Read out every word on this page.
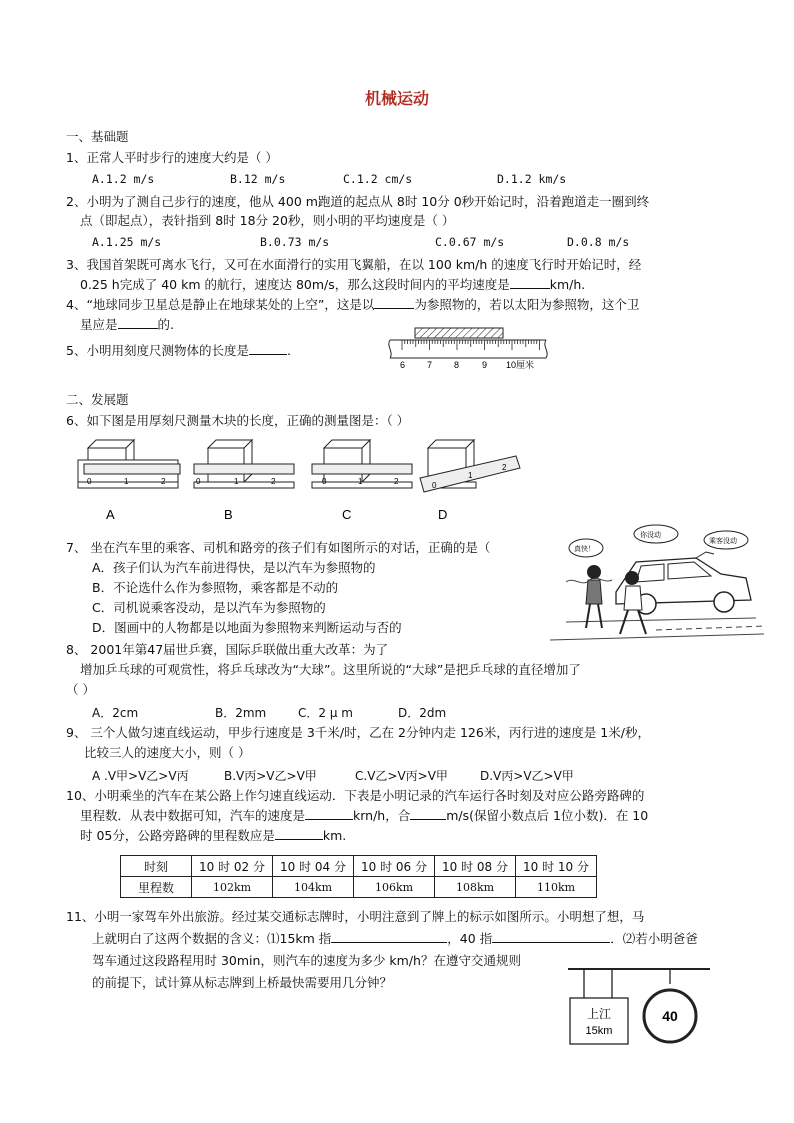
机械运动
一、基础题
1、正常人平时步行的速度大约是（ ）
A.1.2 m/s	B.12 m/s	C.1.2 cm/s	D.1.2 km/s
2、小明为了测自己步行的速度，他从 400 m跑道的起点从 8时 10分 0秒开始记时，沿着跑道走一圈到终
点（即起点），表针指到 8时 18分 20秒，则小明的平均速度是（ ）
A.1.25 m/s	B.0.73 m/s	C.0.67 m/s	D.0.8 m/s
3、我国首架既可离水飞行，又可在水面滑行的实用飞翼船，在以 100 km/h 的速度飞行时开始记时，经
0.25 h完成了 40 km 的航行，速度达 80m/s，那么这段时间内的平均速度是	km/h.
4、“地球同步卫星总是静止在地球某处的上空”，这是以	为参照物的，若以太阳为参照物，这个卫
星应是	的.
5、小明用刻度尺测物体的长度是	.
6 7 8	9 10厘米
二、发展题
6、如下图是用厚刻尺测量木块的长度，正确的测量图是：（ ）
0	1	2
A
0	1	2
B
0	1	2
C
0
1
2
D
7、 坐在汽车里的乘客、司机和路旁的孩子们有如图所示的对话，正确的是（
A．孩子们认为汽车前进得快，是以汽车为参照物的
B．不论选什么作为参照物，乘客都是不动的
C．司机说乘客没动，是以汽车为参照物的
D．图画中的人物都是以地面为参照物来判断运动与否的
真快！
你没动
乘客没动
8、 2001年第47届世乒赛，国际乒联做出重大改革：为了
增加乒乓球的可观赏性，将乒乓球改为“大球”。这里所说的“大球”是把乒乓球的直径增加了
（ ）
A．2cm	B．2mm	C．2 μ m	D．2dm
9、 三个人做匀速直线运动，甲步行速度是 3千米/时，乙在 2分钟内走 126米，丙行进的速度是 1米/秒，
比较三人的速度大小，则（ ）
A .V甲>V乙>V丙	B.V丙>V乙>V甲	C.V乙>V丙>V甲	D.V丙>V乙>V甲
10、小明乘坐的汽车在某公路上作匀速直线运动．下表是小明记录的汽车运行各时刻及对应公路旁路碑的
里程数．从表中数据可知，汽车的速度是	krn/h，合	m/s(保留小数点后 1位小数)．在 10
时 05分，公路旁路碑的里程数应是	km.
时刻	10 时 02 分	10 时 04 分	10 时 06 分	10 时 08 分	10 时 10 分
里程数	102km	104km	106km	108km	110km
11、小明一家驾车外出旅游。经过某交通标志牌时，小明注意到了牌上的标示如图所示。小明想了想，马
上就明白了这两个数据的含义：⑴15km 指	，40 指	．⑵若小明爸爸
驾车通过这段路程用时 30min，则汽车的速度为多少 km/h？在遵守交通规则
的前提下，试计算从标志牌到上桥最快需要用几分钟？
上江
15km
40
